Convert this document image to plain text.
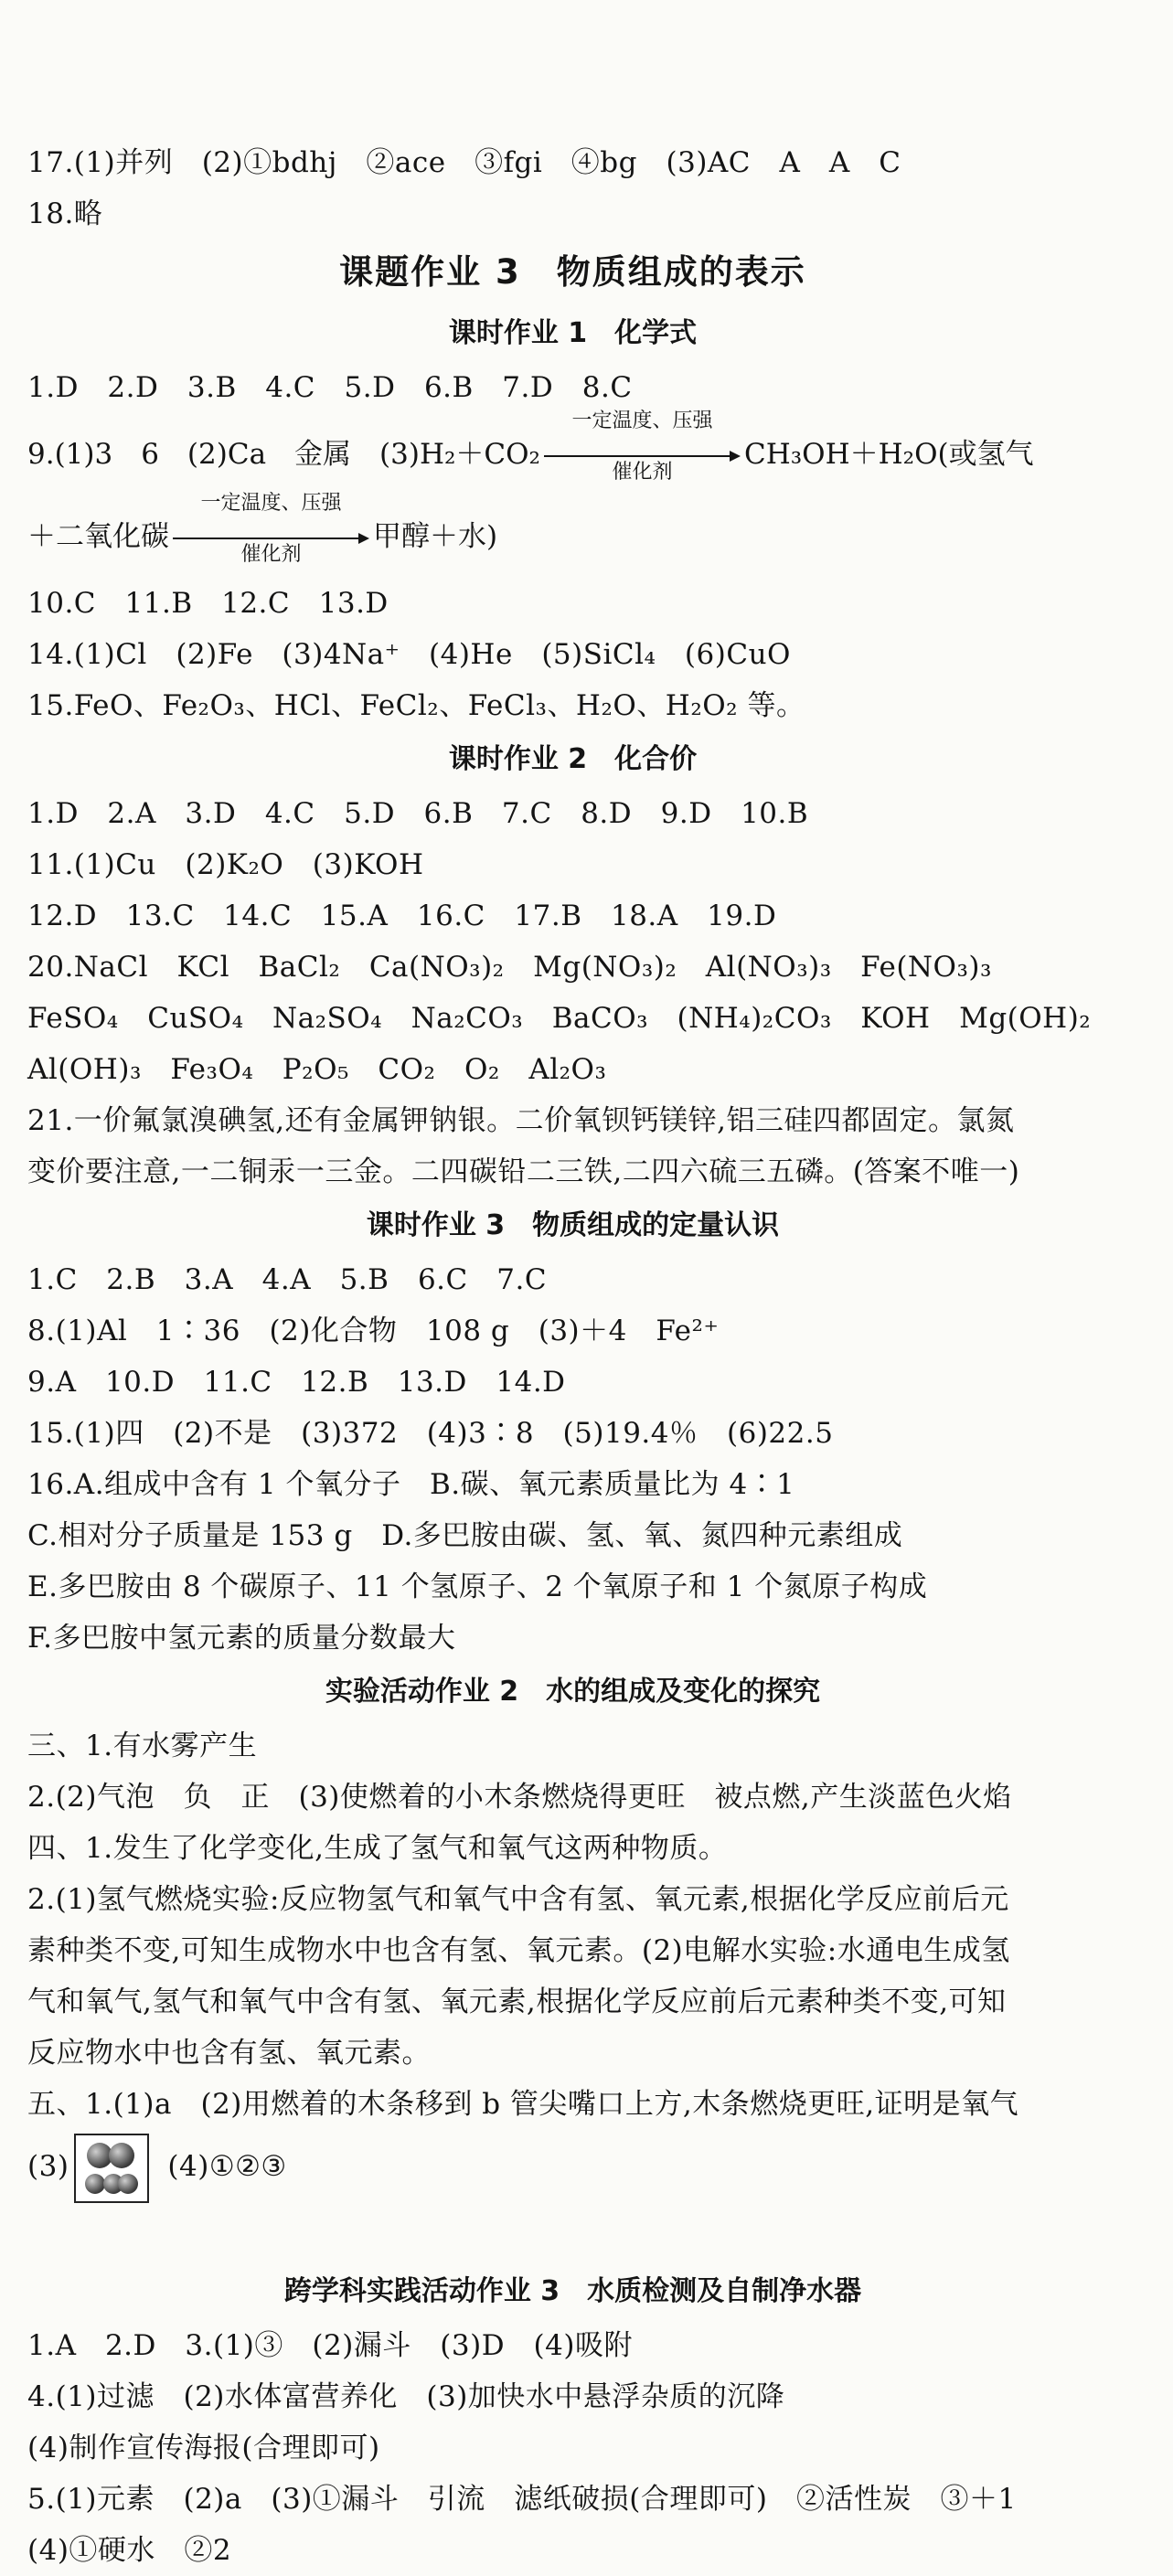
17.(1)并列　(2)①bdhj　②ace　③fgi　④bg　(3)AC　A　A　C
18.略
课题作业 3　物质组成的表示
课时作业 1　化学式
1.D　2.D　3.B　4.C　5.D　6.B　7.D　8.C
9.(1)3　6　(2)Ca　金属　(3)H₂＋CO₂
一定温度、压强
催化剂
CH₃OH＋H₂O(或氢气
＋二氧化碳
一定温度、压强
催化剂
甲醇＋水)
10.C　11.B　12.C　13.D
14.(1)Cl　(2)Fe　(3)4Na⁺　(4)He　(5)SiCl₄　(6)CuO
15.FeO、Fe₂O₃、HCl、FeCl₂、FeCl₃、H₂O、H₂O₂ 等。
课时作业 2　化合价
1.D　2.A　3.D　4.C　5.D　6.B　7.C　8.D　9.D　10.B
11.(1)Cu　(2)K₂O　(3)KOH
12.D　13.C　14.C　15.A　16.C　17.B　18.A　19.D
20.NaCl　KCl　BaCl₂　Ca(NO₃)₂　Mg(NO₃)₂　Al(NO₃)₃　Fe(NO₃)₃
FeSO₄　CuSO₄　Na₂SO₄　Na₂CO₃　BaCO₃　(NH₄)₂CO₃　KOH　Mg(OH)₂
Al(OH)₃　Fe₃O₄　P₂O₅　CO₂　O₂　Al₂O₃
21.一价氟氯溴碘氢,还有金属钾钠银。二价氧钡钙镁锌,铝三硅四都固定。氯氮
变价要注意,一二铜汞一三金。二四碳铅二三铁,二四六硫三五磷。(答案不唯一)
课时作业 3　物质组成的定量认识
1.C　2.B　3.A　4.A　5.B　6.C　7.C
8.(1)Al　1∶36　(2)化合物　108 g　(3)＋4　Fe²⁺
9.A　10.D　11.C　12.B　13.D　14.D
15.(1)四　(2)不是　(3)372　(4)3∶8　(5)19.4％　(6)22.5
16.A.组成中含有 1 个氧分子　B.碳、氧元素质量比为 4∶1
C.相对分子质量是 153 g　D.多巴胺由碳、氢、氧、氮四种元素组成
E.多巴胺由 8 个碳原子、11 个氢原子、2 个氧原子和 1 个氮原子构成
F.多巴胺中氢元素的质量分数最大
实验活动作业 2　水的组成及变化的探究
三、1.有水雾产生
2.(2)气泡　负　正　(3)使燃着的小木条燃烧得更旺　被点燃,产生淡蓝色火焰
四、1.发生了化学变化,生成了氢气和氧气这两种物质。
2.(1)氢气燃烧实验:反应物氢气和氧气中含有氢、氧元素,根据化学反应前后元
素种类不变,可知生成物水中也含有氢、氧元素。(2)电解水实验:水通电生成氢
气和氧气,氢气和氧气中含有氢、氧元素,根据化学反应前后元素种类不变,可知
反应物水中也含有氢、氧元素。
五、1.(1)a　(2)用燃着的木条移到 b 管尖嘴口上方,木条燃烧更旺,证明是氧气
(3)	(4)①②③
跨学科实践活动作业 3　水质检测及自制净水器
1.A　2.D　3.(1)③　(2)漏斗　(3)D　(4)吸附
4.(1)过滤　(2)水体富营养化　(3)加快水中悬浮杂质的沉降
(4)制作宣传海报(合理即可)
5.(1)元素　(2)a　(3)①漏斗　引流　滤纸破损(合理即可)　②活性炭　③＋1
(4)①硬水　②2
